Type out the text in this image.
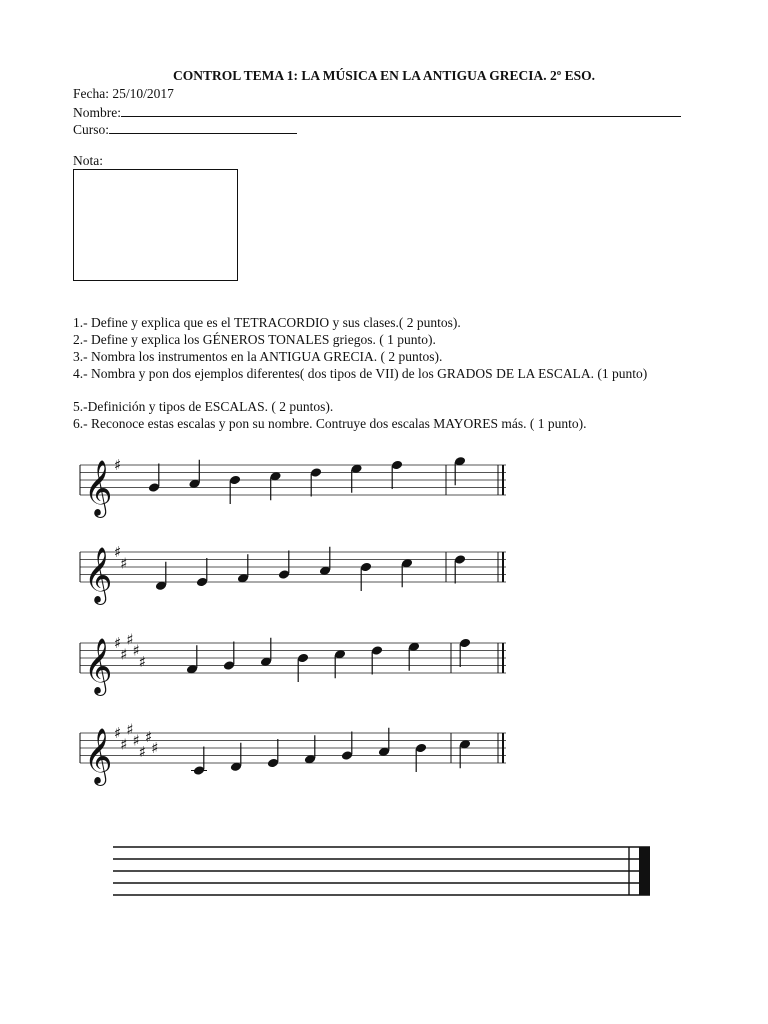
CONTROL TEMA 1: LA MÚSICA EN LA ANTIGUA GRECIA. 2º ESO.
Fecha: 25/10/2017
Nombre:
Curso:
Nota:
1.- Define y explica que es el TETRACORDIO y sus clases.( 2 puntos).
2.- Define y explica los GÉNEROS TONALES griegos. ( 1 punto).
3.- Nombra los instrumentos en la ANTIGUA GRECIA. ( 2 puntos).
4.- Nombra y pon dos ejemplos diferentes( dos tipos de VII) de los GRADOS DE LA ESCALA. (1 punto)
5.-Definición y tipos de ESCALAS. ( 2 puntos).
6.- Reconoce estas escalas y pon su nombre. Contruye dos escalas MAYORES más. ( 1 punto).
𝄞 ♯
𝄞 ♯
♯
𝄞 ♯
♯
♯
♯
♯
𝄞 ♯
♯
♯
♯
♯
♯
♯
